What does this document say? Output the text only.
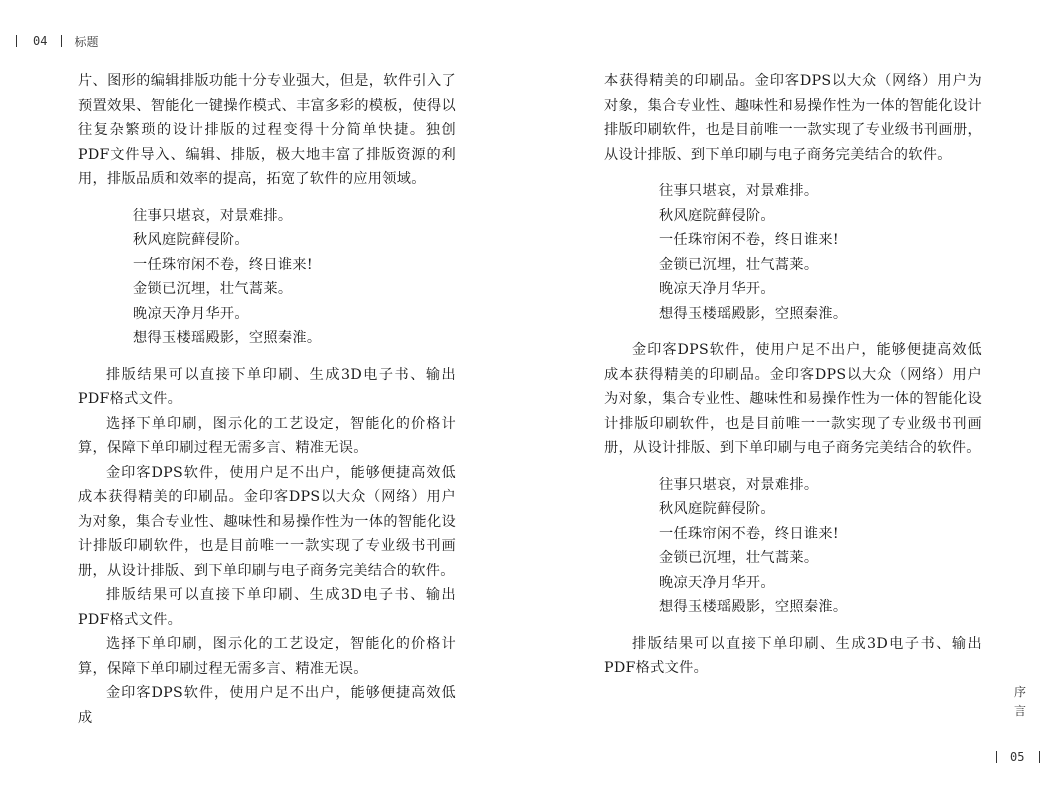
04 标题

片、图形的编辑排版功能十分专业强大，但是，软件引入了预置效果、智能化一键操作模式、丰富多彩的模板，使得以往复杂繁琐的设计排版的过程变得十分简单快捷。独创PDF文件导入、编辑、排版，极大地丰富了排版资源的利用，排版品质和效率的提高，拓宽了软件的应用领域。

往事只堪哀，对景难排。
秋风庭院藓侵阶。
一任珠帘闲不卷，终日谁来!
金锁已沉埋，壮气蒿莱。
晚凉天净月华开。
想得玉楼瑶殿影，空照秦淮。

排版结果可以直接下单印刷、生成3D电子书、输出 PDF格式文件。

选择下单印刷，图示化的工艺设定，智能化的价格计算，保障下单印刷过程无需多言、精准无误。

金印客DPS软件，使用户足不出户，能够便捷高效低成本获得精美的印刷品。金印客DPS以大众（网络）用户为对象，集合专业性、趣味性和易操作性为一体的智能化设计排版印刷软件，也是目前唯一一款实现了专业级书刊画册，从设计排版、到下单印刷与电子商务完美结合的软件。

排版结果可以直接下单印刷、生成3D电子书、输出 PDF格式文件。

选择下单印刷，图示化的工艺设定，智能化的价格计算，保障下单印刷过程无需多言、精准无误。

金印客DPS软件，使用户足不出户，能够便捷高效低成

本获得精美的印刷品。金印客DPS以大众（网络）用户为对象，集合专业性、趣味性和易操作性为一体的智能化设计排版印刷软件，也是目前唯一一款实现了专业级书刊画册，从设计排版、到下单印刷与电子商务完美结合的软件。

往事只堪哀，对景难排。
秋风庭院藓侵阶。
一任珠帘闲不卷，终日谁来!
金锁已沉埋，壮气蒿莱。
晚凉天净月华开。
想得玉楼瑶殿影，空照秦淮。

金印客DPS软件，使用户足不出户，能够便捷高效低成本获得精美的印刷品。金印客DPS以大众（网络）用户为对象，集合专业性、趣味性和易操作性为一体的智能化设计排版印刷软件，也是目前唯一一款实现了专业级书刊画册，从设计排版、到下单印刷与电子商务完美结合的软件。

往事只堪哀，对景难排。
秋风庭院藓侵阶。
一任珠帘闲不卷，终日谁来!
金锁已沉埋，壮气蒿莱。
晚凉天净月华开。
想得玉楼瑶殿影，空照秦淮。

排版结果可以直接下单印刷、生成3D电子书、输出 PDF格式文件。

序
言
05
